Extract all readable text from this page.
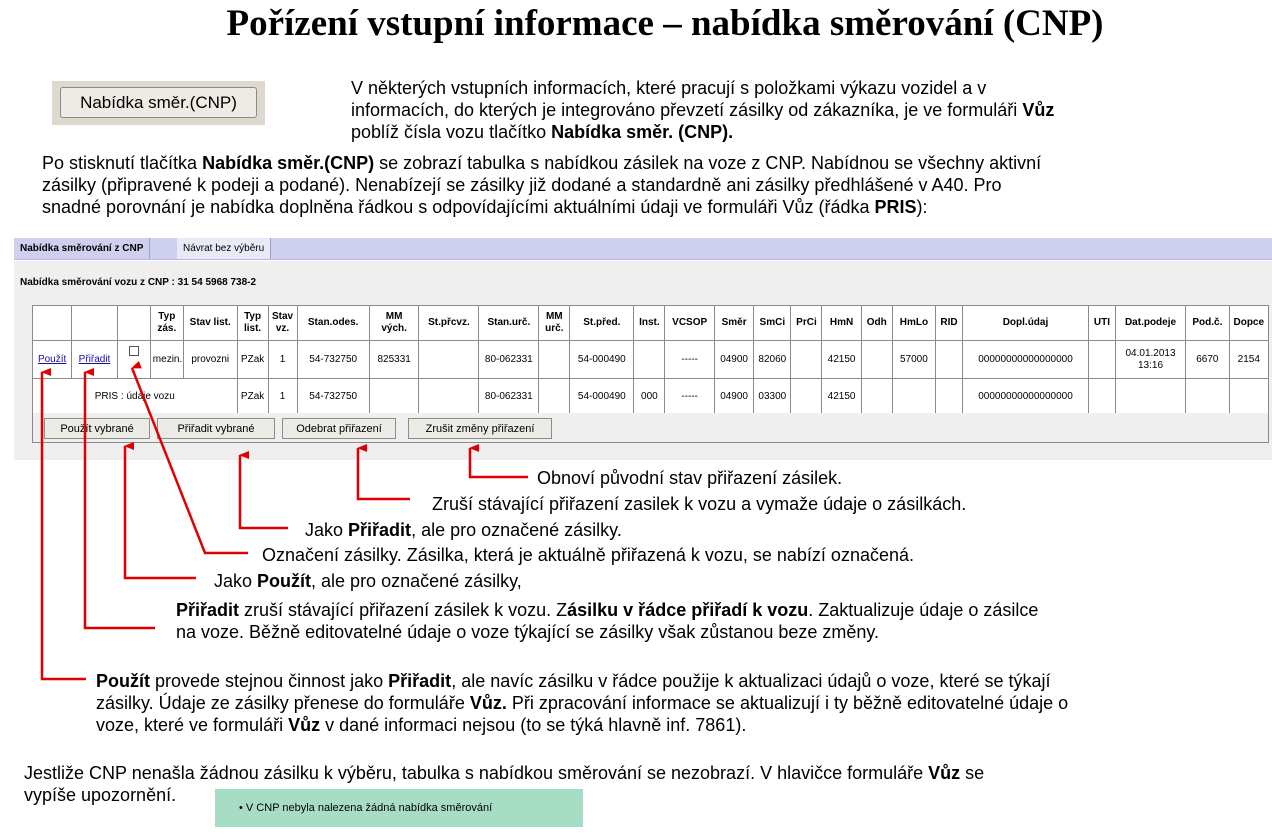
Pořízení vstupní informace – nabídka směrování (CNP)
Nabídka směr.(CNP)
V některých vstupních informacích, které pracují s položkami výkazu vozidel a v
informacích, do kterých je integrováno převzetí zásilky od zákazníka, je ve formuláři Vůz
poblíž čísla vozu tlačítko Nabídka směr. (CNP).
Po stisknutí tlačítka Nabídka směr.(CNP) se zobrazí tabulka s nabídkou zásilek na voze z CNP. Nabídnou se všechny aktivní
zásilky (připravené k podeji a podané). Nenabízejí se zásilky již dodané a standardně ani zásilky předhlášené v A40. Pro
snadné porovnání je nabídka doplněna řádkou s odpovídajícími aktuálními údaji ve formuláři Vůz (řádka PRIS):
Nabídka směrování z CNP	Návrat bez výběru
Nabídka směrování vozu z CNP : 31 54 5968 738-2
			Typ zás.	Stav list.	Typ list.	Stav vz.	Stan.odes.	MM vých.	St.přcvz.	Stan.urč.	MM urč.	St.před.	Inst.	VCSOP	Směr	SmCi	PrCi	HmN	Odh	HmLo	RID	Dopl.údaj	UTI	Dat.podeje	Pod.č.	Dopce
Použít	Přiřadit		mezin.	provozni	PZak	1	54-732750	825331		80-062331		54-000490		-----	04900	82060		42150		57000		00000000000000000		04.01.2013 13:16	6670	2154
PRIS : údaje vozu					PZak	1	54-732750			80-062331		54-000490	000	-----	04900	03300		42150				00000000000000000				
Použít vybrané	Přiřadit vybrané	Odebrat přiřazení	Zrušit změny přiřazení
Obnoví původní stav přiřazení zásilek.
Zruší stávající přiřazení zasilek k vozu a vymaže údaje o zásilkách.
Jako Přiřadit, ale pro označené zásilky.
Označení zásilky. Zásilka, která je aktuálně přiřazená k vozu, se nabízí označená.
Jako Použít, ale pro označené zásilky,
Přiřadit zruší stávající přiřazení zásilek k vozu. Zásilku v řádce přiřadí k vozu. Zaktualizuje údaje o zásilce
na voze. Běžně editovatelné údaje o voze týkající se zásilky však zůstanou beze změny.
Použít provede stejnou činnost jako Přiřadit, ale navíc zásilku v řádce použije k aktualizaci údajů o voze, které se týkají
zásilky. Údaje ze zásilky přenese do formuláře Vůz. Při zpracování informace se aktualizují i ty běžně editovatelné údaje o
voze, které ve formuláři Vůz v dané informaci nejsou (to se týká hlavně inf. 7861).
Jestliže CNP nenašla žádnou zásilku k výběru, tabulka s nabídkou směrování se nezobrazí. V hlavičce formuláře Vůz se
vypíše upozornění.
• V CNP nebyla nalezena žádná nabídka směrování
